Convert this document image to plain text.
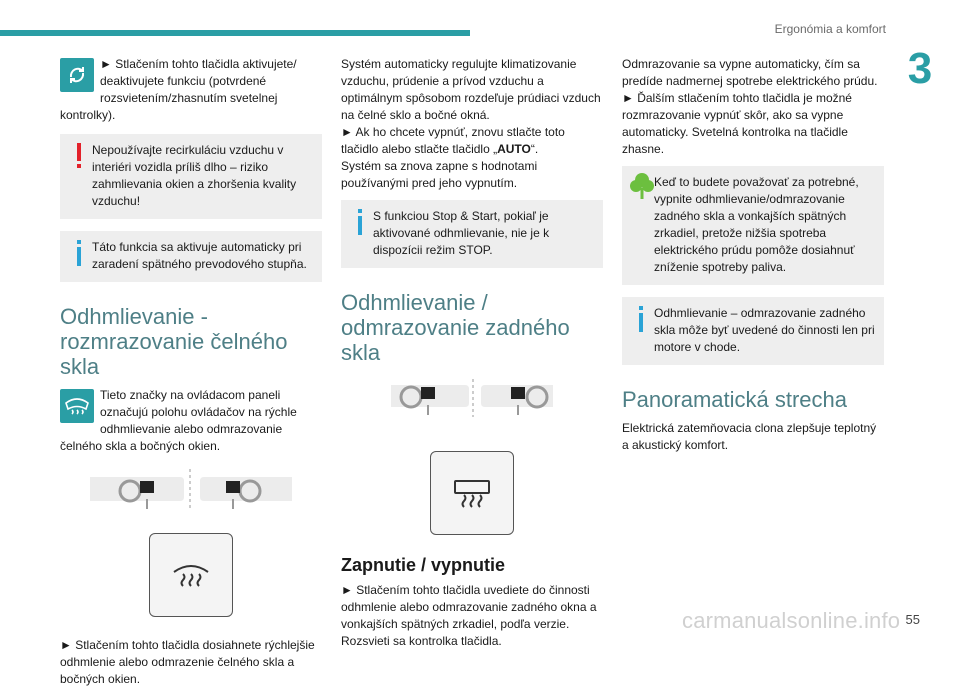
Ergonómia a komfort
3

► Stlačením tohto tlačidla aktivujete/ deaktivujete funkciu (potvrdené rozsvietením/zhasnutím svetelnej kontrolky).

Nepoužívajte recirkuláciu vzduchu v interiéri vozidla príliš dlho – riziko zahmlievania okien a zhoršenia kvality vzduchu!

Táto funkcia sa aktivuje automaticky pri zaradení spätného prevodového stupňa.

Odhmlievanie - rozmrazovanie čelného skla

Tieto značky na ovládacom paneli označujú polohu ovládačov na rýchle odhmlievanie alebo odmrazovanie čelného skla a bočných okien.

► Stlačením tohto tlačidla dosiahnete rýchlejšie odhmlenie alebo odmrazenie čelného skla a bočných okien.

Systém automaticky regulujte klimatizovanie vzduchu, prúdenie a prívod vzduchu a optimálnym spôsobom rozdeľuje prúdiaci vzduch na čelné sklo a bočné okná.

► Ak ho chcete vypnúť, znovu stlačte toto tlačidlo alebo stlačte tlačidlo „AUTO“.

Systém sa znova zapne s hodnotami používanými pred jeho vypnutím.

S funkciou Stop & Start, pokiaľ je aktivované odhmlievanie, nie je k dispozícii režim STOP.

Odhmlievanie / odmrazovanie zadného skla
Zapnutie / vypnutie

► Stlačením tohto tlačidla uvediete do činnosti odhmlenie alebo odmrazovanie zadného okna a vonkajších spätných zrkadiel, podľa verzie. Rozsvieti sa kontrolka tlačidla.

Odmrazovanie sa vypne automaticky, čím sa predíde nadmernej spotrebe elektrického prúdu.

► Ďalším stlačením tohto tlačidla je možné rozmrazovanie vypnúť skôr, ako sa vypne automaticky. Svetelná kontrolka na tlačidle zhasne.

Keď to budete považovať za potrebné, vypnite odhmlievanie/odmrazovanie zadného skla a vonkajších spätných zrkadiel, pretože nižšia spotreba elektrického prúdu pomôže dosiahnuť zníženie spotreby paliva.

Odhmlievanie – odmrazovanie zadného skla môže byť uvedené do činnosti len pri motore v chode.

Panoramatická strecha

Elektrická zatemňovacia clona zlepšuje teplotný a akustický komfort.

carmanualsonline.info 55
